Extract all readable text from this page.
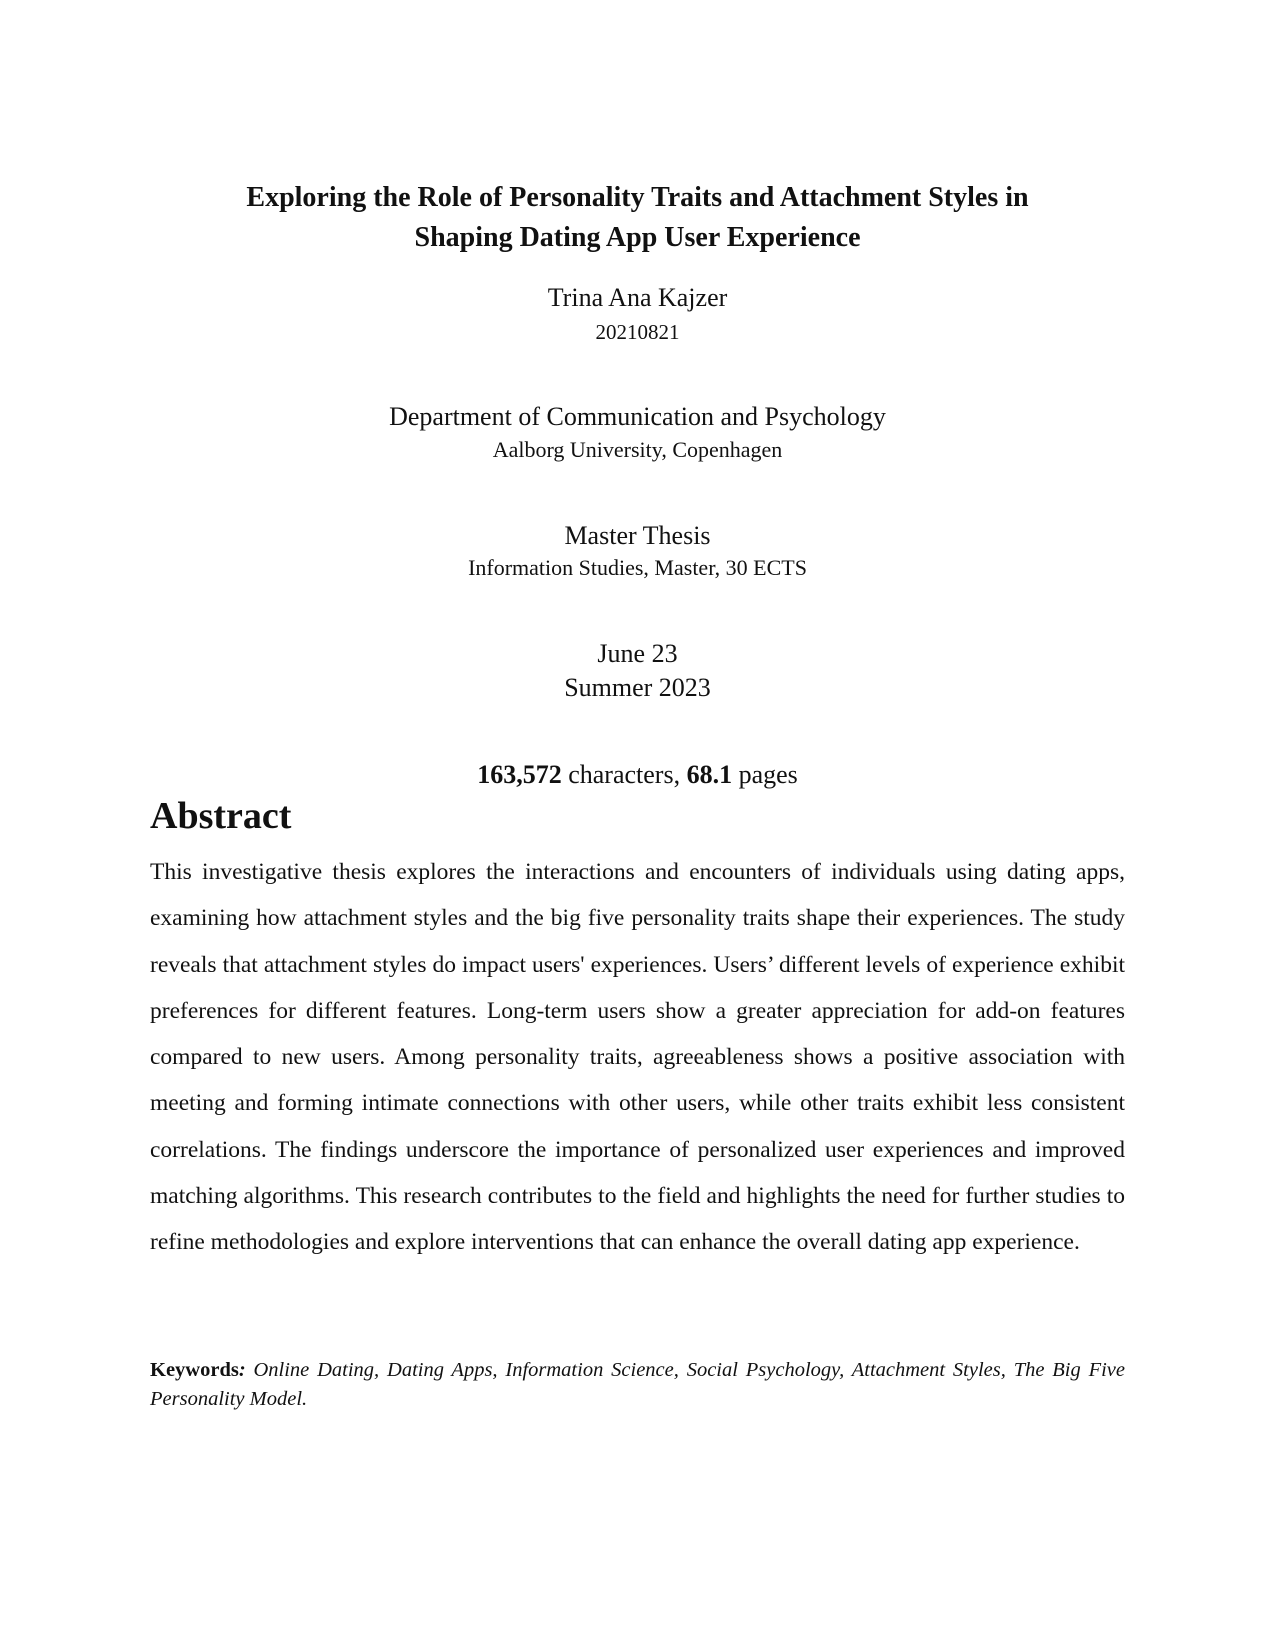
Exploring the Role of Personality Traits and Attachment Styles in
Shaping Dating App User Experience
Trina Ana Kajzer
20210821
Department of Communication and Psychology
Aalborg University, Copenhagen
Master Thesis
Information Studies, Master, 30 ECTS
June 23
Summer 2023
163,572 characters, 68.1 pages
Abstract

This investigative thesis explores the interactions and encounters of individuals using dating apps, examining how attachment styles and the big five personality traits shape their experiences. The study reveals that attachment styles do impact users' experiences. Users’ different levels of experience exhibit preferences for different features. Long-term users show a greater appreciation for add-on features compared to new users. Among personality traits, agreeableness shows a positive association with meeting and forming intimate connections with other users, while other traits exhibit less consistent correlations. The findings underscore the importance of personalized user experiences and improved matching algorithms. This research contributes to the field and highlights the need for further studies to refine methodologies and explore interventions that can enhance the overall dating app experience.

Keywords: Online Dating, Dating Apps, Information Science, Social Psychology, Attachment Styles, The Big Five Personality Model.
